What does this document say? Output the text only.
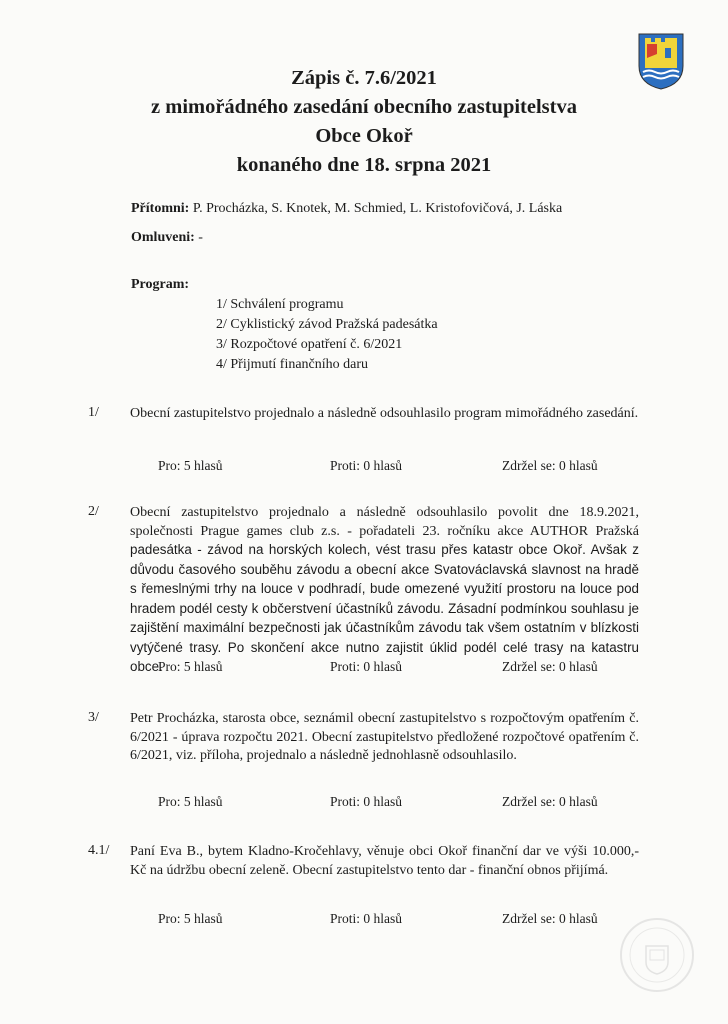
Zápis č. 7.6/2021
z mimořádného zasedání obecního zastupitelstva
Obce Okoř
konaného dne 18. srpna 2021
Přítomni: P. Procházka, S. Knotek, M. Schmied, L. Kristofovičová, J. Láska
Omluveni: -
Program:
1/ Schválení programu
2/ Cyklistický závod Pražská padesátka
3/ Rozpočtové opatření č. 6/2021
4/ Přijmutí finančního daru
1/ Obecní zastupitelstvo projednalo a následně odsouhlasilo program mimořádného zasedání.
Pro: 5 hlasů	Proti: 0 hlasů	Zdržel se: 0 hlasů
2/ Obecní zastupitelstvo projednalo a následně odsouhlasilo povolit dne 18.9.2021, společnosti Prague games club z.s. - pořadateli 23. ročníku akce AUTHOR Pražská padesátka - závod na horských kolech, vést trasu přes katastr obce Okoř. Avšak z důvodu časového souběhu závodu a obecní akce Svatováclavská slavnost na hradě s řemeslnými trhy na louce v podhradí, bude omezené využití prostoru na louce pod hradem podél cesty k občerstvení účastníků závodu. Zásadní podmínkou souhlasu je zajištění maximální bezpečnosti jak účastníkům závodu tak všem ostatním v blízkosti vytýčené trasy. Po skončení akce nutno zajistit úklid podél celé trasy na katastru obce.
Pro: 5 hlasů	Proti: 0 hlasů	Zdržel se: 0 hlasů
3/ Petr Procházka, starosta obce, seznámil obecní zastupitelstvo s rozpočtovým opatřením č. 6/2021 - úprava rozpočtu 2021. Obecní zastupitelstvo předložené rozpočtové opatřením č. 6/2021, viz. příloha, projednalo a následně jednohlasně odsouhlasilo.
Pro: 5 hlasů	Proti: 0 hlasů	Zdržel se: 0 hlasů
4.1/ Paní Eva B., bytem Kladno-Kročehlavy, věnuje obci Okoř finanční dar ve výši 10.000,- Kč na údržbu obecní zeleně. Obecní zastupitelstvo tento dar - finanční obnos přijímá.
Pro: 5 hlasů	Proti: 0 hlasů	Zdržel se: 0 hlasů
